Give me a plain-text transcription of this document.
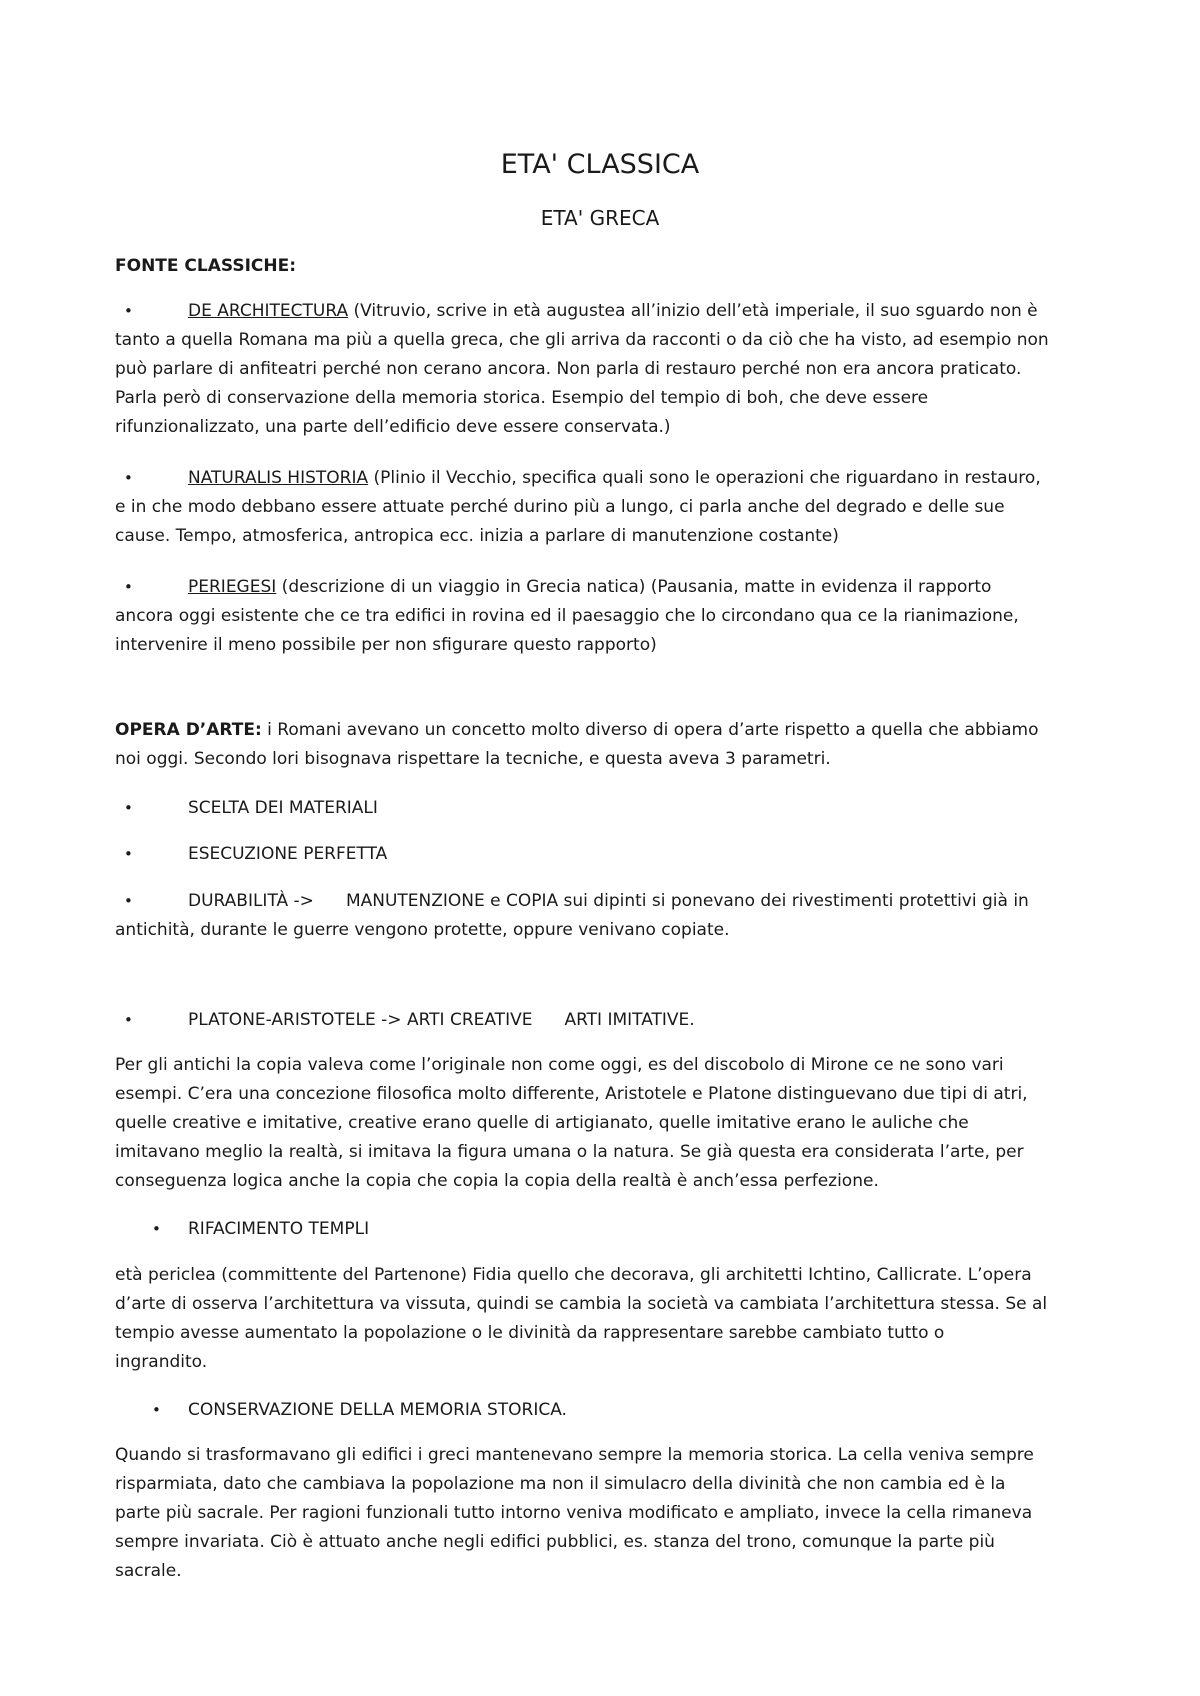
ETA' CLASSICA
ETA' GRECA
FONTE CLASSICHE:
•	DE ARCHITECTURA (Vitruvio, scrive in età augustea all’inizio dell’età imperiale, il suo sguardo non è
tanto a quella Romana ma più a quella greca, che gli arriva da racconti o da ciò che ha visto, ad esempio non
può parlare di anfiteatri perché non cerano ancora. Non parla di restauro perché non era ancora praticato.
Parla però di conservazione della memoria storica. Esempio del tempio di boh, che deve essere
rifunzionalizzato, una parte dell’edificio deve essere conservata.)
•	NATURALIS HISTORIA (Plinio il Vecchio, specifica quali sono le operazioni che riguardano in restauro,
e in che modo debbano essere attuate perché durino più a lungo, ci parla anche del degrado e delle sue
cause. Tempo, atmosferica, antropica ecc. inizia a parlare di manutenzione costante)
•	PERIEGESI (descrizione di un viaggio in Grecia natica) (Pausania, matte in evidenza il rapporto
ancora oggi esistente che ce tra edifici in rovina ed il paesaggio che lo circondano qua ce la rianimazione,
intervenire il meno possibile per non sfigurare questo rapporto)
OPERA D’ARTE: i Romani avevano un concetto molto diverso di opera d’arte rispetto a quella che abbiamo
noi oggi. Secondo lori bisognava rispettare la tecniche, e questa aveva 3 parametri.
•	SCELTA DEI MATERIALI
•	ESECUZIONE PERFETTA
•	DURABILITÀ -> MANUTENZIONE e COPIA sui dipinti si ponevano dei rivestimenti protettivi già in
antichità, durante le guerre vengono protette, oppure venivano copiate.
•	PLATONE-ARISTOTELE -> ARTI CREATIVE ARTI IMITATIVE.
Per gli antichi la copia valeva come l’originale non come oggi, es del discobolo di Mirone ce ne sono vari
esempi. C’era una concezione filosofica molto differente, Aristotele e Platone distinguevano due tipi di atri,
quelle creative e imitative, creative erano quelle di artigianato, quelle imitative erano le auliche che
imitavano meglio la realtà, si imitava la figura umana o la natura. Se già questa era considerata l’arte, per
conseguenza logica anche la copia che copia la copia della realtà è anch’essa perfezione.
•	RIFACIMENTO TEMPLI
età periclea (committente del Partenone) Fidia quello che decorava, gli architetti Ichtino, Callicrate. L’opera
d’arte di osserva l’architettura va vissuta, quindi se cambia la società va cambiata l’architettura stessa. Se al
tempio avesse aumentato la popolazione o le divinità da rappresentare sarebbe cambiato tutto o
ingrandito.
•	CONSERVAZIONE DELLA MEMORIA STORICA.
Quando si trasformavano gli edifici i greci mantenevano sempre la memoria storica. La cella veniva sempre
risparmiata, dato che cambiava la popolazione ma non il simulacro della divinità che non cambia ed è la
parte più sacrale. Per ragioni funzionali tutto intorno veniva modificato e ampliato, invece la cella rimaneva
sempre invariata. Ciò è attuato anche negli edifici pubblici, es. stanza del trono, comunque la parte più
sacrale.
